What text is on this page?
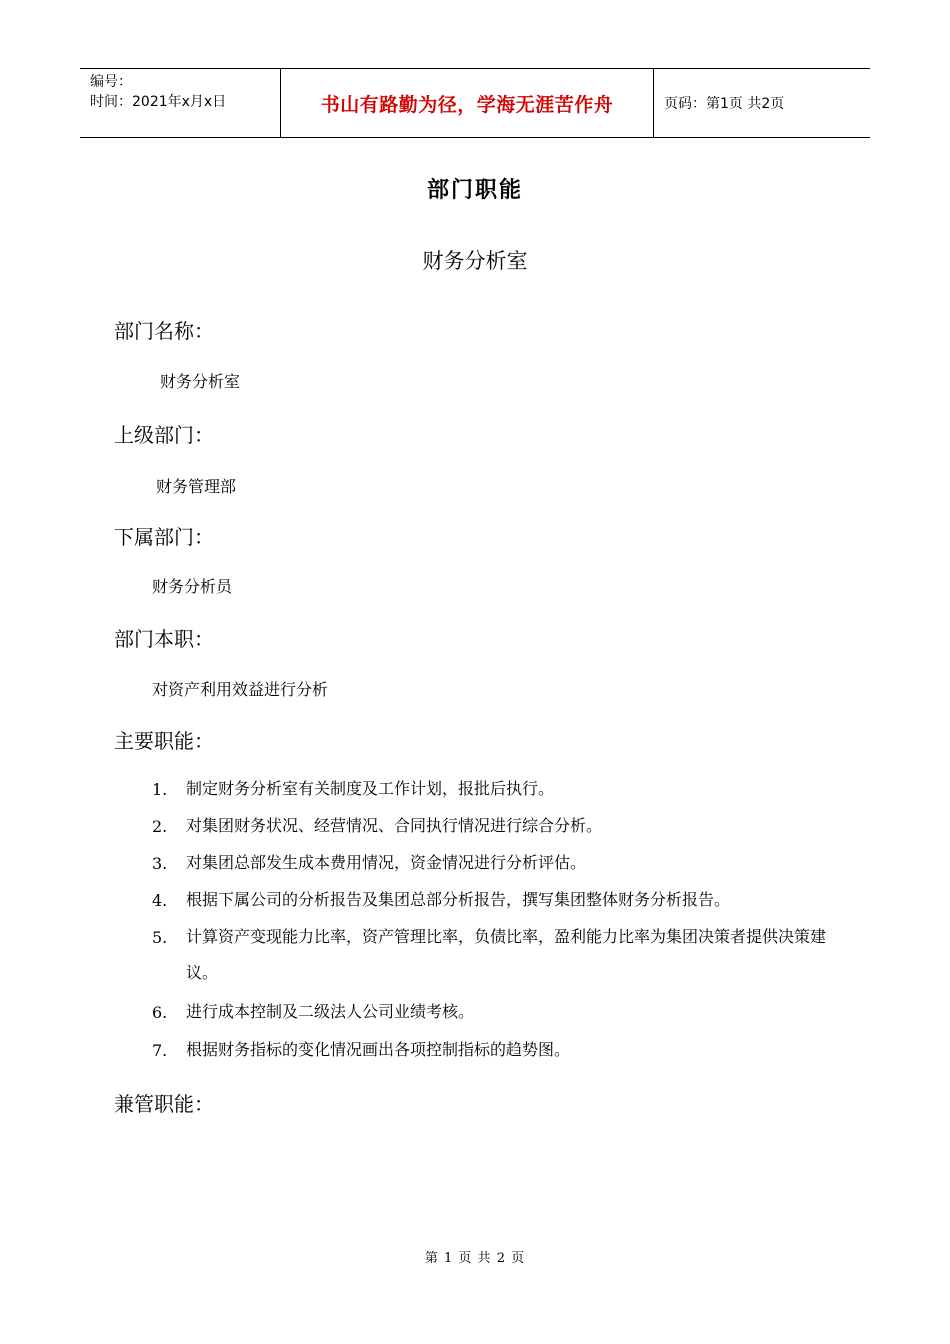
编号：
时间：2021年x月x日	书山有路勤为径，学海无涯苦作舟	页码：第1页 共2页
部门职能
财务分析室
部门名称：
财务分析室
上级部门：
财务管理部
下属部门：
财务分析员
部门本职：
对资产利用效益进行分析
主要职能：
1.	制定财务分析室有关制度及工作计划，报批后执行。
2.	对集团财务状况、经营情况、合同执行情况进行综合分析。
3.	对集团总部发生成本费用情况，资金情况进行分析评估。
4.	根据下属公司的分析报告及集团总部分析报告，撰写集团整体财务分析报告。
5.	计算资产变现能力比率，资产管理比率，负债比率，盈利能力比率为集团决策者提供决策建议。
6.	进行成本控制及二级法人公司业绩考核。
7.	根据财务指标的变化情况画出各项控制指标的趋势图。
兼管职能：
第 1 页 共 2 页
